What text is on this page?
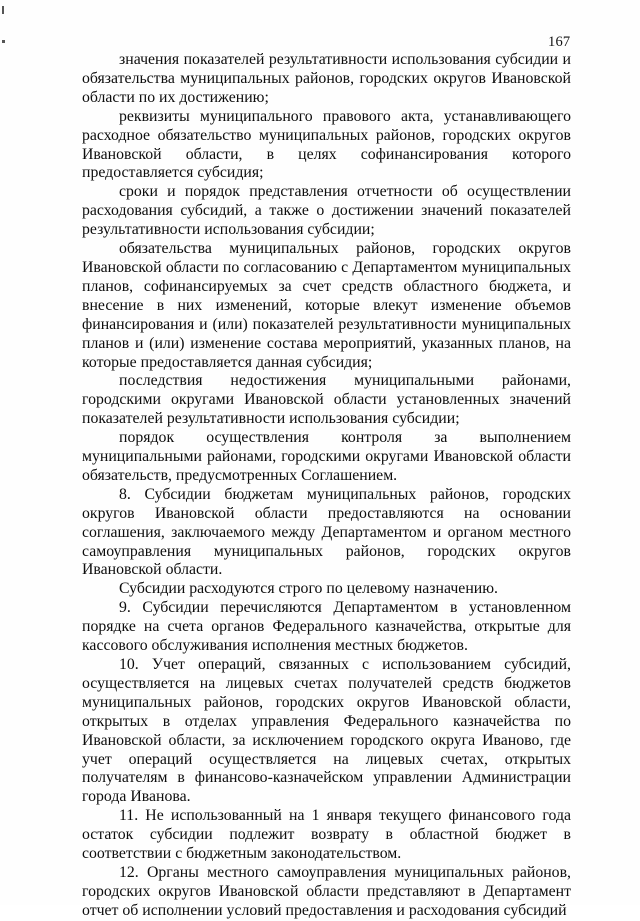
167

значения показателей результативности использования субсидии и обязательства муниципальных районов, городских округов Ивановской области по их достижению;

реквизиты муниципального правового акта, устанавливающего расходное обязательство муниципальных районов, городских округов Ивановской области, в целях софинансирования которого предоставляется субсидия;

сроки и порядок представления отчетности об осуществлении расходования субсидий, а также о достижении значений показателей результативности использования субсидии;

обязательства муниципальных районов, городских округов Ивановской области по согласованию с Департаментом муниципальных планов, софинансируемых за счет средств областного бюджета, и внесение в них изменений, которые влекут изменение объемов финансирования и (или) показателей результативности муниципальных планов и (или) изменение состава мероприятий, указанных планов, на которые предоставляется данная субсидия;

последствия недостижения муниципальными районами, городскими округами Ивановской области установленных значений показателей результативности использования субсидии;

порядок осуществления контроля за выполнением муниципальными районами, городскими округами Ивановской области обязательств, предусмотренных Соглашением.

8. Субсидии бюджетам муниципальных районов, городских округов Ивановской области предоставляются на основании соглашения, заключаемого между Департаментом и органом местного самоуправления муниципальных районов, городских округов Ивановской области.

Субсидии расходуются строго по целевому назначению.

9. Субсидии перечисляются Департаментом в установленном порядке на счета органов Федерального казначейства, открытые для кассового обслуживания исполнения местных бюджетов.

10. Учет операций, связанных с использованием субсидий, осуществляется на лицевых счетах получателей средств бюджетов муниципальных районов, городских округов Ивановской области, открытых в отделах управления Федерального казначейства по Ивановской области, за исключением городского округа Иваново, где учет операций осуществляется на лицевых счетах, открытых получателям в финансово-казначейском управлении Администрации города Иванова.

11. Не использованный на 1 января текущего финансового года остаток субсидии подлежит возврату в областной бюджет в соответствии с бюджетным законодательством.

12. Органы местного самоуправления муниципальных районов, городских округов Ивановской области представляют в Департамент отчет об исполнении условий предоставления и расходования субсидий
